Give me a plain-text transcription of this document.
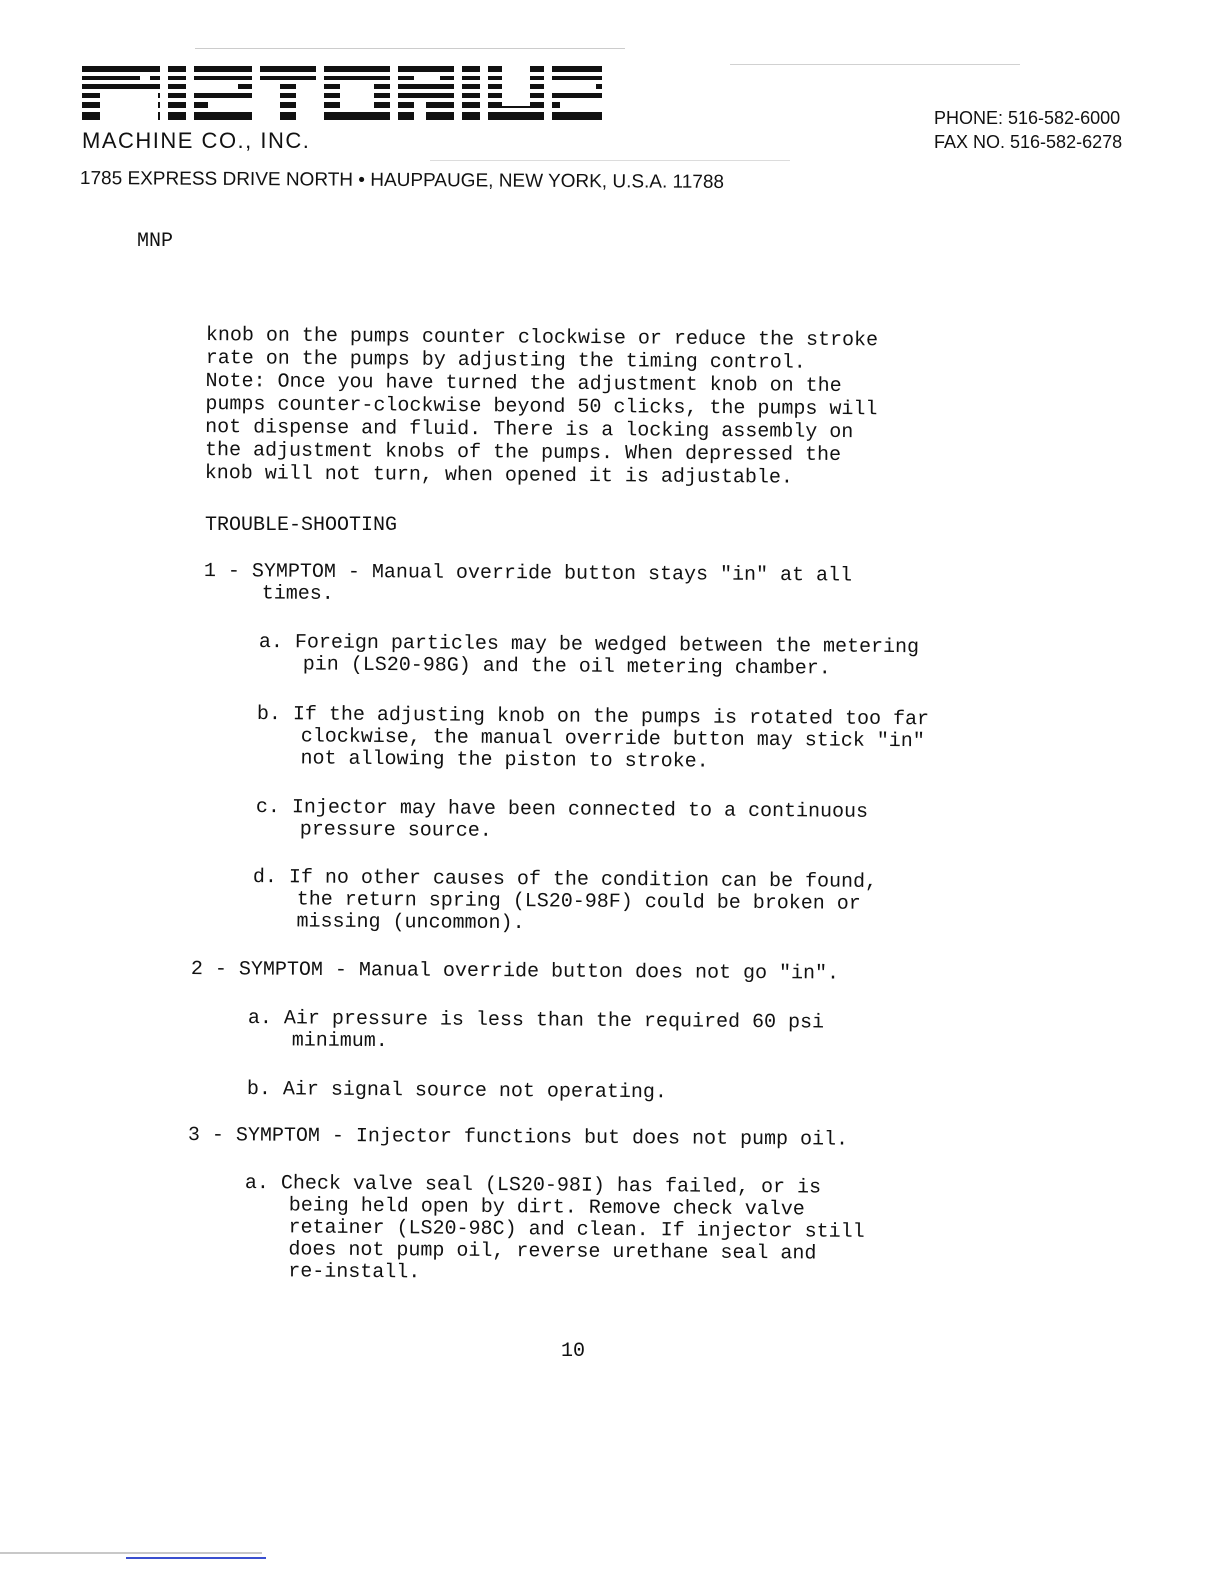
MACHINE CO., INC.
1785 EXPRESS DRIVE NORTH • HAUPPAUGE, NEW YORK, U.S.A. 11788
PHONE: 516-582-6000
FAX NO. 516-582-6278
MNP
knob on the pumps counter clockwise or reduce the stroke
rate on the pumps by adjusting the timing control.
Note: Once you have turned the adjustment knob on the
pumps counter-clockwise beyond 50 clicks, the pumps will
not dispense and fluid. There is a locking assembly on
the adjustment knobs of the pumps. When depressed the
knob will not turn, when opened it is adjustable.
TROUBLE-SHOOTING
1 - SYMPTOM - Manual override button stays "in" at all
times.
a. Foreign particles may be wedged between the metering
pin (LS20-98G) and the oil metering chamber.
b. If the adjusting knob on the pumps is rotated too far
clockwise, the manual override button may stick "in"
not allowing the piston to stroke.
c. Injector may have been connected to a continuous
pressure source.
d. If no other causes of the condition can be found,
the return spring (LS20-98F) could be broken or
missing (uncommon).
2 - SYMPTOM - Manual override button does not go "in".
a. Air pressure is less than the required 60 psi
minimum.
b. Air signal source not operating.
3 - SYMPTOM - Injector functions but does not pump oil.
a. Check valve seal (LS20-98I) has failed, or is
being held open by dirt. Remove check valve
retainer (LS20-98C) and clean. If injector still
does not pump oil, reverse urethane seal and
re-install.
10
